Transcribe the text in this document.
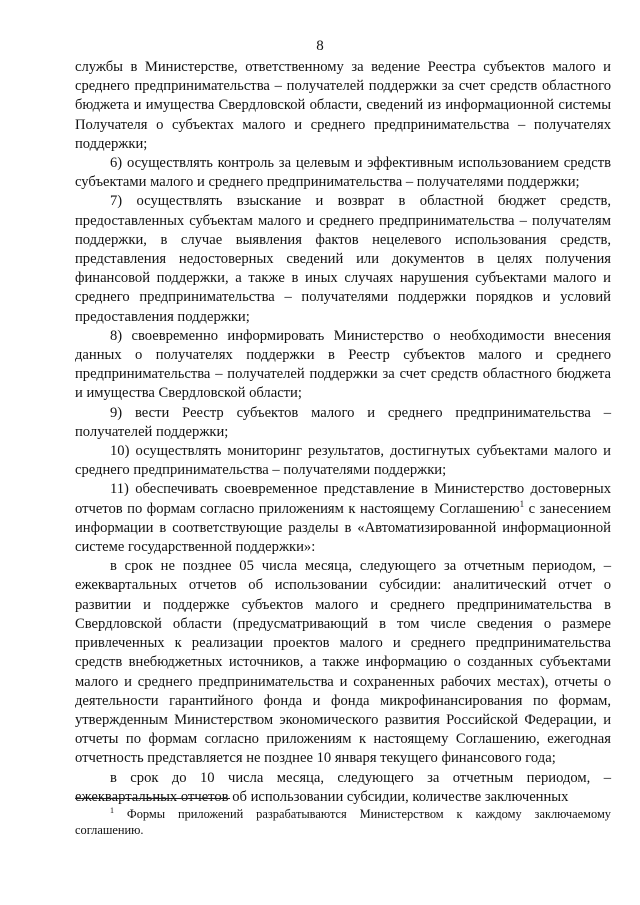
8

службы в Министерстве, ответственному за ведение Реестра субъектов малого и среднего предпринимательства – получателей поддержки за счет средств областного бюджета и имущества Свердловской области, сведений из информационной системы Получателя о субъектах малого и среднего предпринимательства – получателях поддержки;

6) осуществлять контроль за целевым и эффективным использованием средств субъектами малого и среднего предпринимательства – получателями поддержки;

7) осуществлять взыскание и возврат в областной бюджет средств, предоставленных субъектам малого и среднего предпринимательства – получателям поддержки, в случае выявления фактов нецелевого использования средств, представления недостоверных сведений или документов в целях получения финансовой поддержки, а также в иных случаях нарушения субъектами малого и среднего предпринимательства – получателями поддержки порядков и условий предоставления поддержки;

8) своевременно информировать Министерство о необходимости внесения данных о получателях поддержки в Реестр субъектов малого и среднего предпринимательства – получателей поддержки за счет средств областного бюджета и имущества Свердловской области;

9) вести Реестр субъектов малого и среднего предпринимательства – получателей поддержки;

10) осуществлять мониторинг результатов, достигнутых субъектами малого и среднего предпринимательства – получателями поддержки;

11) обеспечивать своевременное представление в Министерство достоверных отчетов по формам согласно приложениям к настоящему Соглашению$^1$ с занесением информации в соответствующие разделы в «Автоматизированной информационной системе государственной поддержки»:

в срок не позднее 05 числа месяца, следующего за отчетным периодом, – ежеквартальных отчетов об использовании субсидии: аналитический отчет о развитии и поддержке субъектов малого и среднего предпринимательства в Свердловской области (предусматривающий в том числе сведения о размере привлеченных к реализации проектов малого и среднего предпринимательства средств внебюджетных источников, а также информацию о созданных субъектами малого и среднего предпринимательства и сохраненных рабочих местах), отчеты о деятельности гарантийного фонда и фонда микрофинансирования по формам, утвержденным Министерством экономического развития Российской Федерации, и отчеты по формам согласно приложениям к настоящему Соглашению, ежегодная отчетность представляется не позднее 10 января текущего финансового года;

в срок до 10 числа месяца, следующего за отчетным периодом, – ежеквартальных отчетов об использовании субсидии, количестве заключенных

$^1$ Формы приложений разрабатываются Министерством к каждому заключаемому соглашению.
